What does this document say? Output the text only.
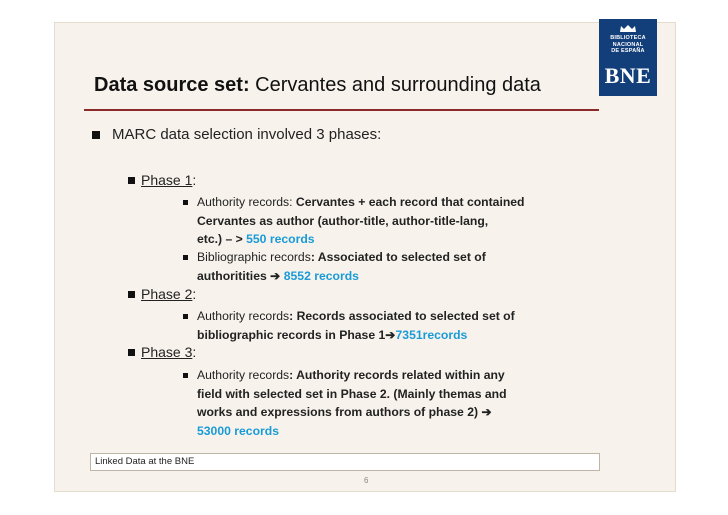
BIBLIOTECA
NACIONAL
DE ESPAÑA
BNE
Data source set: Cervantes and surrounding data
MARC data selection involved 3 phases:
Phase 1:
Authority records: Cervantes + each record that contained
Cervantes as author (author-title, author-title-lang,
etc.) – > 550 records
Bibliographic records: Associated to selected set of
authoritities ➔ 8552 records
Phase 2:
Authority records: Records associated to selected set of
bibliographic records in Phase 1➔7351records
Phase 3:
Authority records: Authority records related within any
field with selected set in Phase 2. (Mainly themas and
works and expressions from authors of phase 2) ➔
53000 records
Linked Data at the BNE
6
